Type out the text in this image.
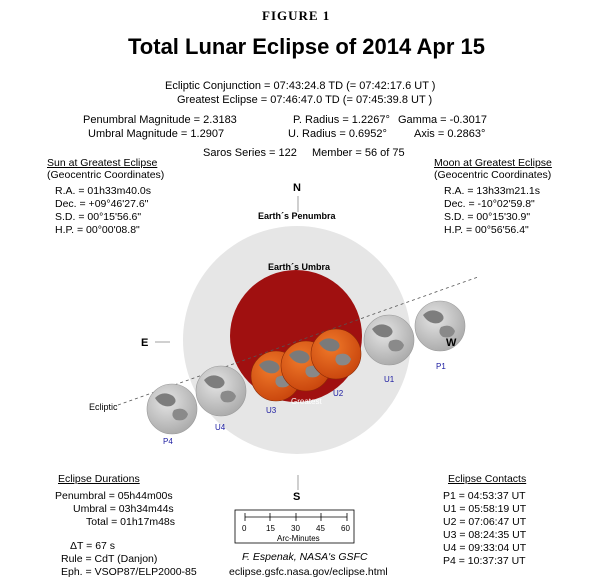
FIGURE 1
Total Lunar Eclipse of 2014 Apr 15
Ecliptic Conjunction = 07:43:24.8 TD (= 07:42:17.6 UT )
Greatest Eclipse = 07:46:47.0 TD (= 07:45:39.8 UT )
Penumbral Magnitude = 2.3183
Umbral Magnitude = 1.2907
P. Radius = 1.2267°
U. Radius = 0.6952°
Gamma = -0.3017
Axis = 0.2863°
Saros Series = 122 Member = 56 of 75
Sun at Greatest Eclipse
(Geocentric Coordinates)
R.A. = 01h33m40.0s
Dec. = +09°46'27.6"
S.D. = 00°15'56.6"
H.P. = 00°00'08.8"
Moon at Greatest Eclipse
(Geocentric Coordinates)
R.A. = 13h33m21.1s
Dec. = -10°02'59.8"
S.D. = 00°15'30.9"
H.P. = 00°56'56.4"
N
S
E	W
Earth´s Penumbra
Earth´s Umbra
Ecliptic
Greatest
P1
U1
U2
U3
U4
P4
0 15 30 45 60
Arc-Minutes
Eclipse Durations
Penumbral = 05h44m00s
Umbral = 03h34m44s
Total = 01h17m48s
ΔT = 67 s
Rule = CdT (Danjon)
Eph. = VSOP87/ELP2000-85
F. Espenak, NASA's GSFC
eclipse.gsfc.nasa.gov/eclipse.html
Eclipse Contacts
P1 = 04:53:37 UT
U1 = 05:58:19 UT
U2 = 07:06:47 UT
U3 = 08:24:35 UT
U4 = 09:33:04 UT
P4 = 10:37:37 UT
